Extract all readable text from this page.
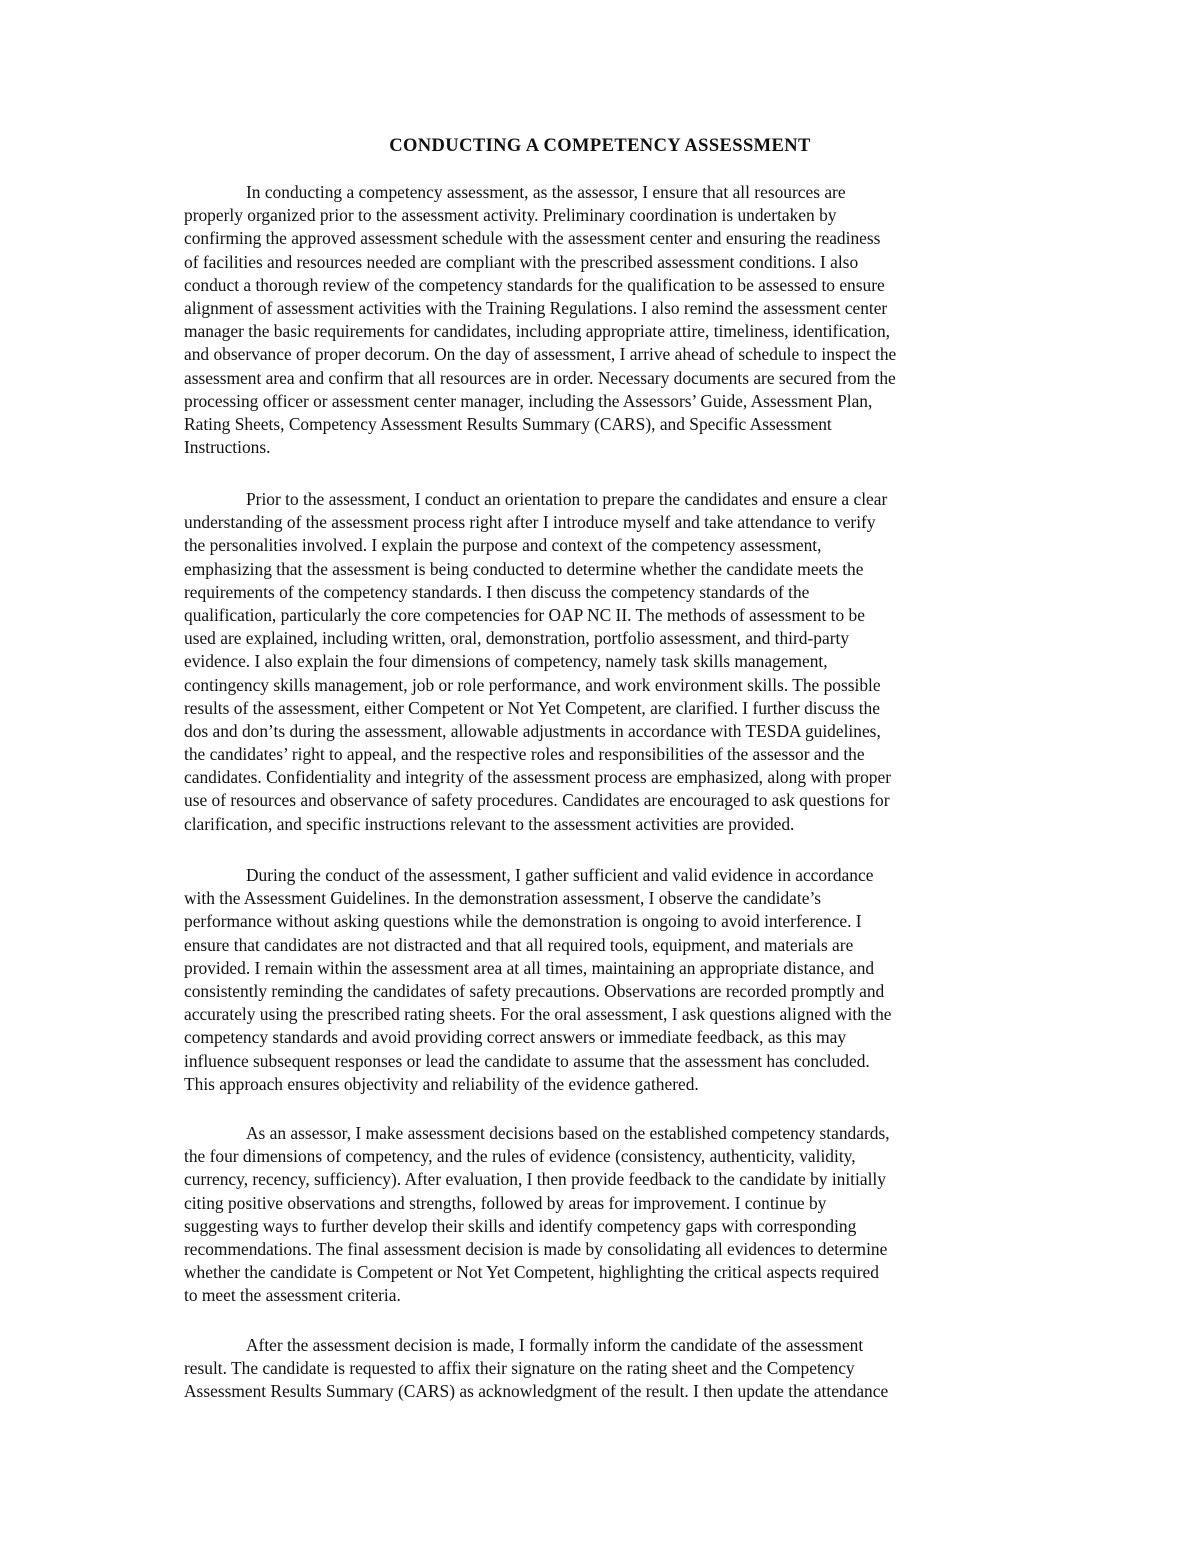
CONDUCTING A COMPETENCY ASSESSMENT
In conducting a competency assessment, as the assessor, I ensure that all resources are
properly organized prior to the assessment activity. Preliminary coordination is undertaken by
confirming the approved assessment schedule with the assessment center and ensuring the readiness
of facilities and resources needed are compliant with the prescribed assessment conditions. I also
conduct a thorough review of the competency standards for the qualification to be assessed to ensure
alignment of assessment activities with the Training Regulations. I also remind the assessment center
manager the basic requirements for candidates, including appropriate attire, timeliness, identification,
and observance of proper decorum. On the day of assessment, I arrive ahead of schedule to inspect the
assessment area and confirm that all resources are in order. Necessary documents are secured from the
processing officer or assessment center manager, including the Assessors’ Guide, Assessment Plan,
Rating Sheets, Competency Assessment Results Summary (CARS), and Specific Assessment
Instructions.
Prior to the assessment, I conduct an orientation to prepare the candidates and ensure a clear
understanding of the assessment process right after I introduce myself and take attendance to verify
the personalities involved. I explain the purpose and context of the competency assessment,
emphasizing that the assessment is being conducted to determine whether the candidate meets the
requirements of the competency standards. I then discuss the competency standards of the
qualification, particularly the core competencies for OAP NC II. The methods of assessment to be
used are explained, including written, oral, demonstration, portfolio assessment, and third-party
evidence. I also explain the four dimensions of competency, namely task skills management,
contingency skills management, job or role performance, and work environment skills. The possible
results of the assessment, either Competent or Not Yet Competent, are clarified. I further discuss the
dos and don’ts during the assessment, allowable adjustments in accordance with TESDA guidelines,
the candidates’ right to appeal, and the respective roles and responsibilities of the assessor and the
candidates. Confidentiality and integrity of the assessment process are emphasized, along with proper
use of resources and observance of safety procedures. Candidates are encouraged to ask questions for
clarification, and specific instructions relevant to the assessment activities are provided.
During the conduct of the assessment, I gather sufficient and valid evidence in accordance
with the Assessment Guidelines. In the demonstration assessment, I observe the candidate’s
performance without asking questions while the demonstration is ongoing to avoid interference. I
ensure that candidates are not distracted and that all required tools, equipment, and materials are
provided. I remain within the assessment area at all times, maintaining an appropriate distance, and
consistently reminding the candidates of safety precautions. Observations are recorded promptly and
accurately using the prescribed rating sheets. For the oral assessment, I ask questions aligned with the
competency standards and avoid providing correct answers or immediate feedback, as this may
influence subsequent responses or lead the candidate to assume that the assessment has concluded.
This approach ensures objectivity and reliability of the evidence gathered.
As an assessor, I make assessment decisions based on the established competency standards,
the four dimensions of competency, and the rules of evidence (consistency, authenticity, validity,
currency, recency, sufficiency). After evaluation, I then provide feedback to the candidate by initially
citing positive observations and strengths, followed by areas for improvement. I continue by
suggesting ways to further develop their skills and identify competency gaps with corresponding
recommendations. The final assessment decision is made by consolidating all evidences to determine
whether the candidate is Competent or Not Yet Competent, highlighting the critical aspects required
to meet the assessment criteria.
After the assessment decision is made, I formally inform the candidate of the assessment
result. The candidate is requested to affix their signature on the rating sheet and the Competency
Assessment Results Summary (CARS) as acknowledgment of the result. I then update the attendance
